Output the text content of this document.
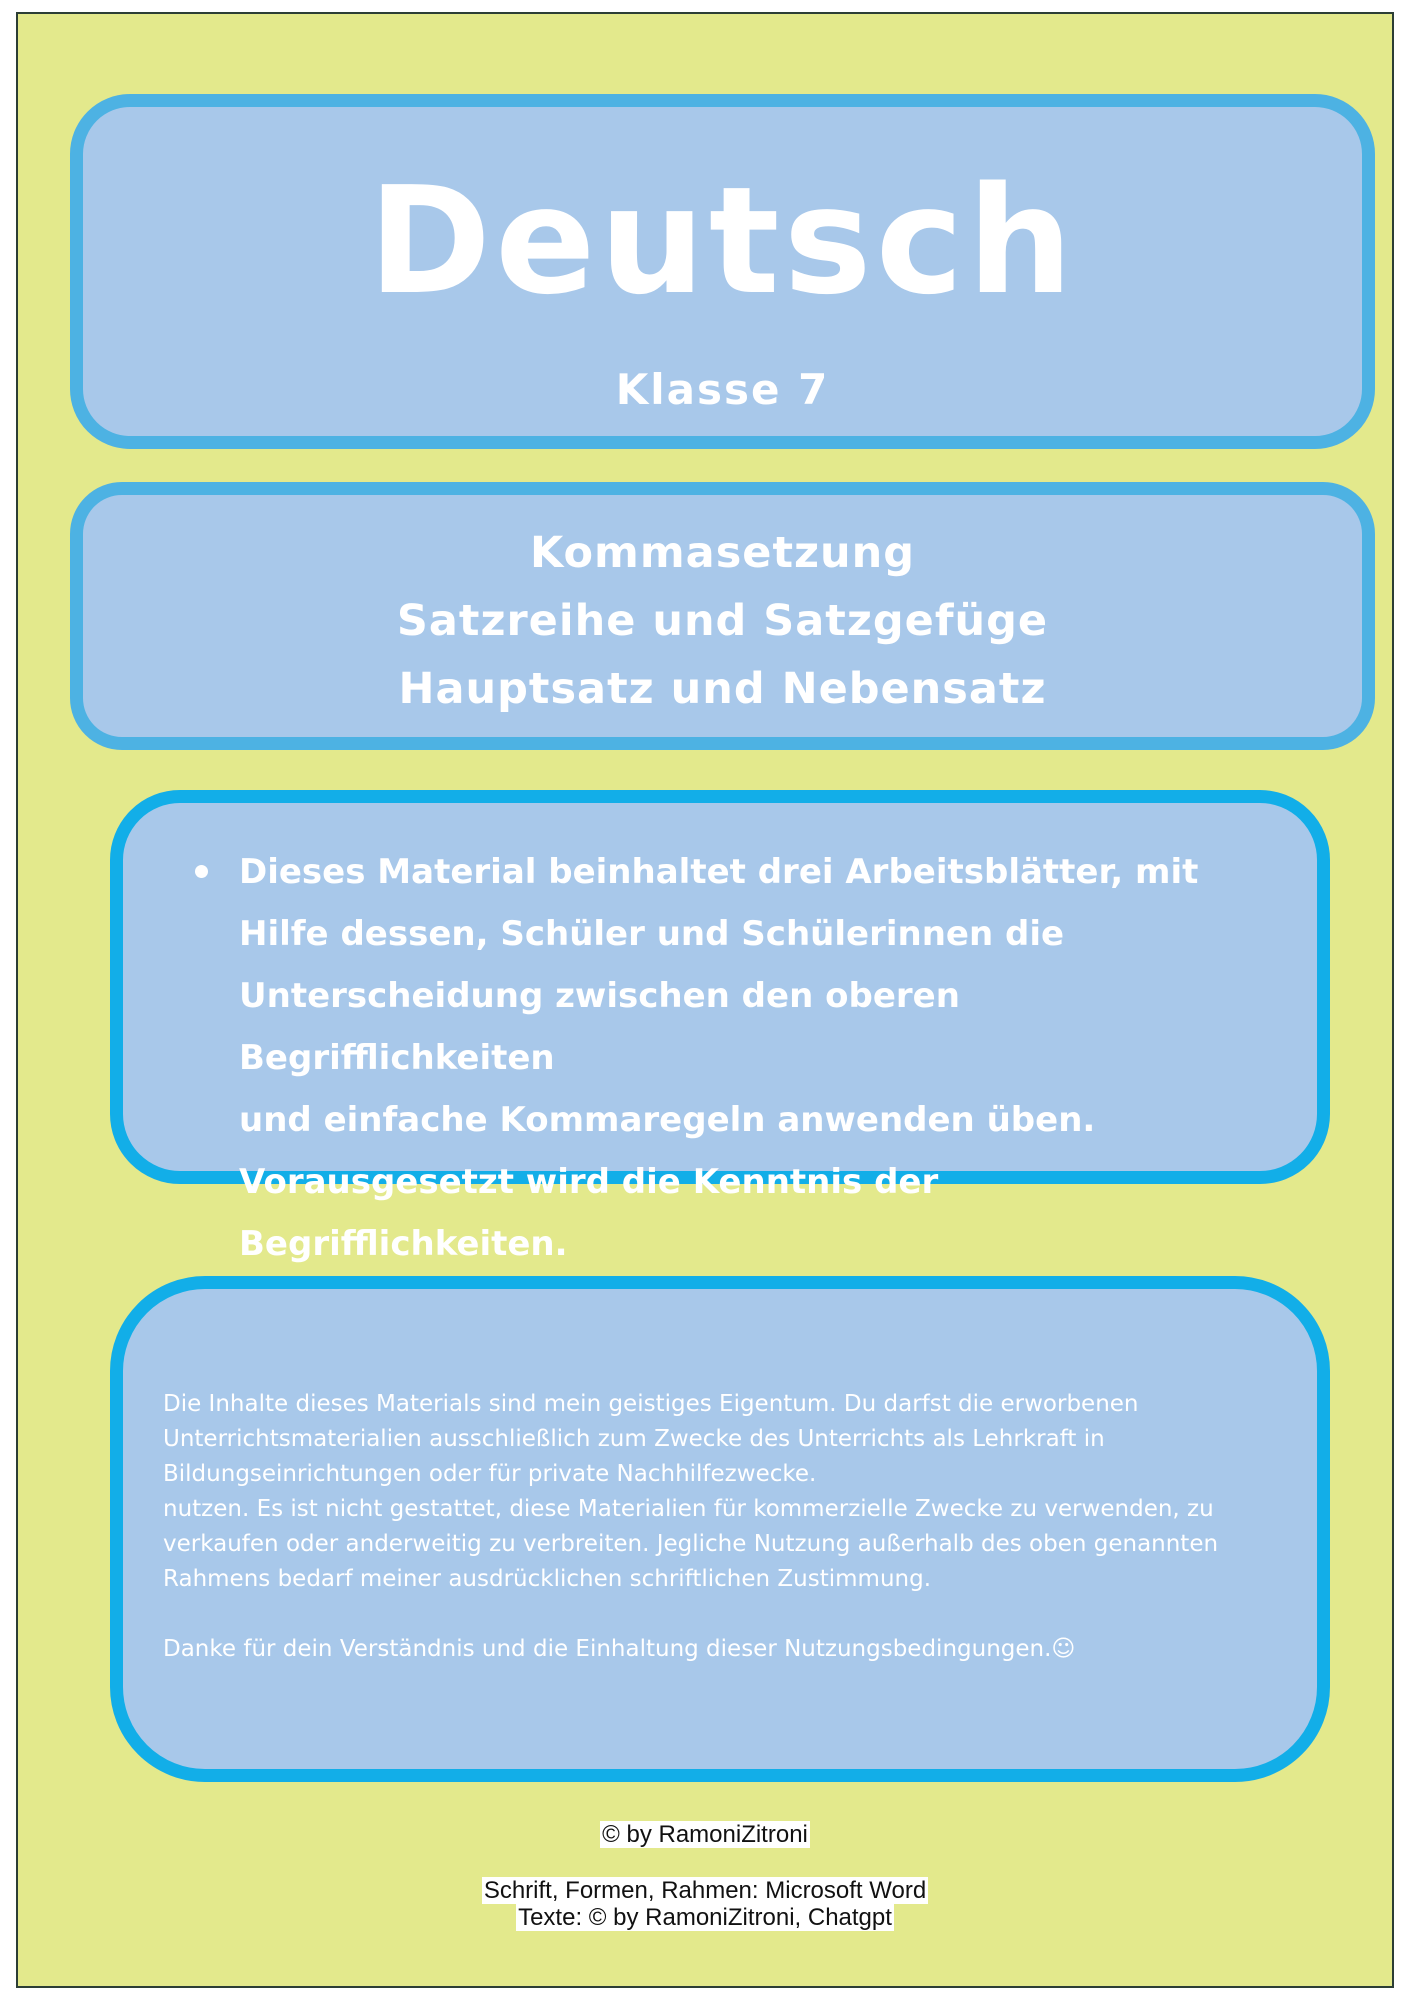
Deutsch
Klasse 7
Kommasetzung
Satzreihe und Satzgefüge
Hauptsatz und Nebensatz
Dieses Material beinhaltet drei Arbeitsblätter, mit
Hilfe dessen, Schüler und Schülerinnen die
Unterscheidung zwischen den oberen Begrifflichkeiten
und einfache Kommaregeln anwenden üben.
Vorausgesetzt wird die Kenntnis der Begrifflichkeiten.
Die Inhalte dieses Materials sind mein geistiges Eigentum. Du darfst die erworbenen
Unterrichtsmaterialien ausschließlich zum Zwecke des Unterrichts als Lehrkraft in
Bildungseinrichtungen oder für private Nachhilfezwecke.
nutzen. Es ist nicht gestattet, diese Materialien für kommerzielle Zwecke zu verwenden, zu
verkaufen oder anderweitig zu verbreiten. Jegliche Nutzung außerhalb des oben genannten
Rahmens bedarf meiner ausdrücklichen schriftlichen Zustimmung.
Danke für dein Verständnis und die Einhaltung dieser Nutzungsbedingungen.☺
© by RamoniZitroni
Schrift, Formen, Rahmen: Microsoft Word
Texte: © by RamoniZitroni, Chatgpt
